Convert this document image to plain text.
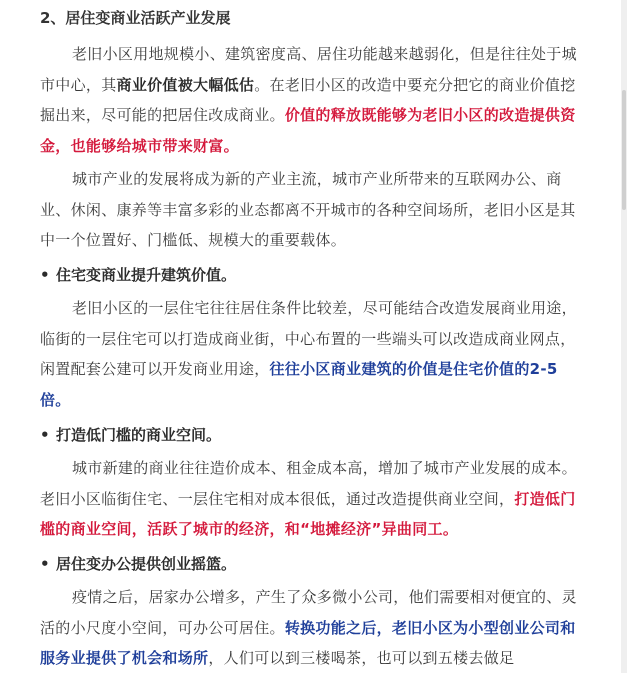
2、居住变商业活跃产业发展
老旧小区用地规模小、建筑密度高、居住功能越来越弱化，但是往往处于城市中心，其商业价值被大幅低估。在老旧小区的改造中要充分把它的商业价值挖掘出来，尽可能的把居住改成商业。价值的释放既能够为老旧小区的改造提供资金，也能够给城市带来财富。
城市产业的发展将成为新的产业主流，城市产业所带来的互联网办公、商业、休闲、康养等丰富多彩的业态都离不开城市的各种空间场所，老旧小区是其中一个位置好、门槛低、规模大的重要载体。
• 住宅变商业提升建筑价值。
老旧小区的一层住宅往往居住条件比较差，尽可能结合改造发展商业用途，临街的一层住宅可以打造成商业街，中心布置的一些端头可以改造成商业网点，闲置配套公建可以开发商业用途，往往小区商业建筑的价值是住宅价值的2-5倍。
• 打造低门槛的商业空间。
城市新建的商业往往造价成本、租金成本高，增加了城市产业发展的成本。老旧小区临街住宅、一层住宅相对成本很低，通过改造提供商业空间，打造低门槛的商业空间，活跃了城市的经济，和“地摊经济”异曲同工。
• 居住变办公提供创业摇篮。
疫情之后，居家办公增多，产生了众多微小公司，他们需要相对便宜的、灵活的小尺度小空间，可办公可居住。转换功能之后，老旧小区为小型创业公司和服务业提供了机会和场所，人们可以到三楼喝茶，也可以到五楼去做足
